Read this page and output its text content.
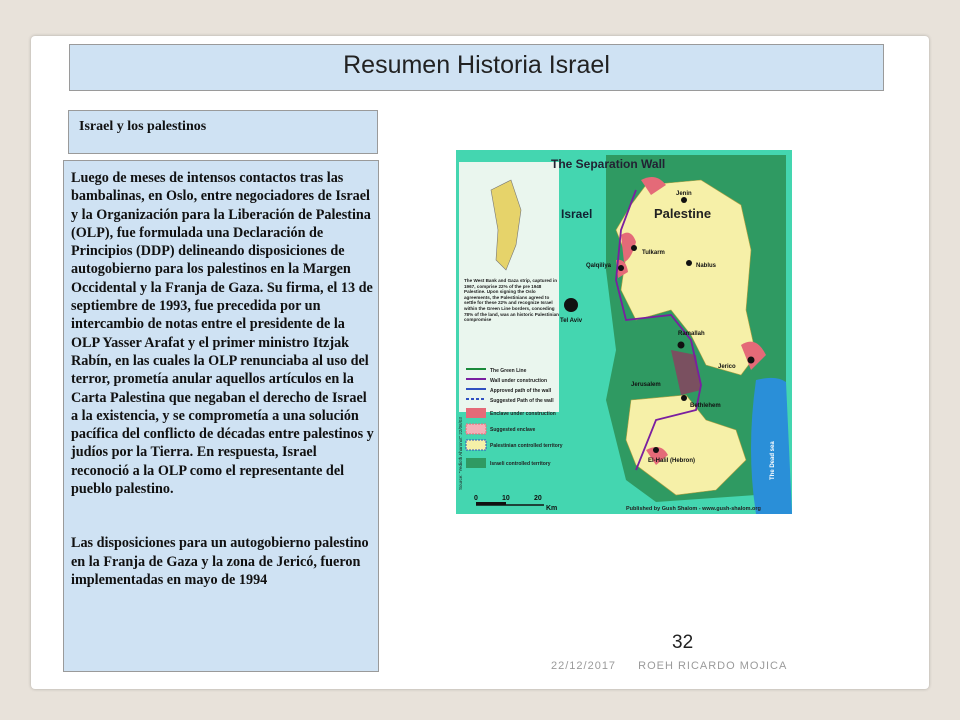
Resumen Historia Israel
Israel y los palestinos

Luego de meses de intensos contactos tras las bambalinas, en Oslo, entre negociadores de Israel y la Organización para la Liberación de Palestina (OLP), fue formulada una Declaración de Principios (DDP) delineando disposiciones de autogobierno para los palestinos en la Margen Occidental y la Franja de Gaza. Su firma, el 13 de septiembre de 1993, fue precedida por un intercambio de notas entre el presidente de la OLP Yasser Arafat y el primer ministro Itzjak Rabín, en las cuales la OLP renunciaba al uso del terror, prometía anular aquellos artículos en la Carta Palestina que negaban el derecho de Israel a la existencia, y se comprometía a una solución pacífica del conflicto de décadas entre palestinos y judíos por la Tierra. En respuesta, Israel reconoció a la OLP como el representante del pueblo palestino.

Las disposiciones para un autogobierno palestino en la Franja de Gaza y la zona de Jericó, fueron implementadas en mayo de 1994

The Separation Wall
Israel	Palestine
Jenin
Tulkarm
Nablus
Qalqiliya
Tel Aviv
Ramallah
Jerico
Jerusalem
Bethlehem
El-Halil (Hebron)	The Dead sea
The West Bank and Gaza strip, captured in 1967, comprise 22% of the pre 1948 Palestine. Upon signing the Oslo agreements, the Palestinians agreed to settle for these 22% and recognize Israel within the Green Line borders, conceding 78% of the land, was an historic Palestinian compromise
Source: "Yedioth Aharonot" 22/06/03
The Green Line
Wall under construction
Approved path of the wall
Suggested Path of the wall
Enclave under construction
Suggested enclave
Palestinian controlled territory
Israeli controlled territory
0	10	20
Km	Published by Gush Shalom - www.gush-shalom.org
32
22/12/2017 ROEH RICARDO MOJICA
